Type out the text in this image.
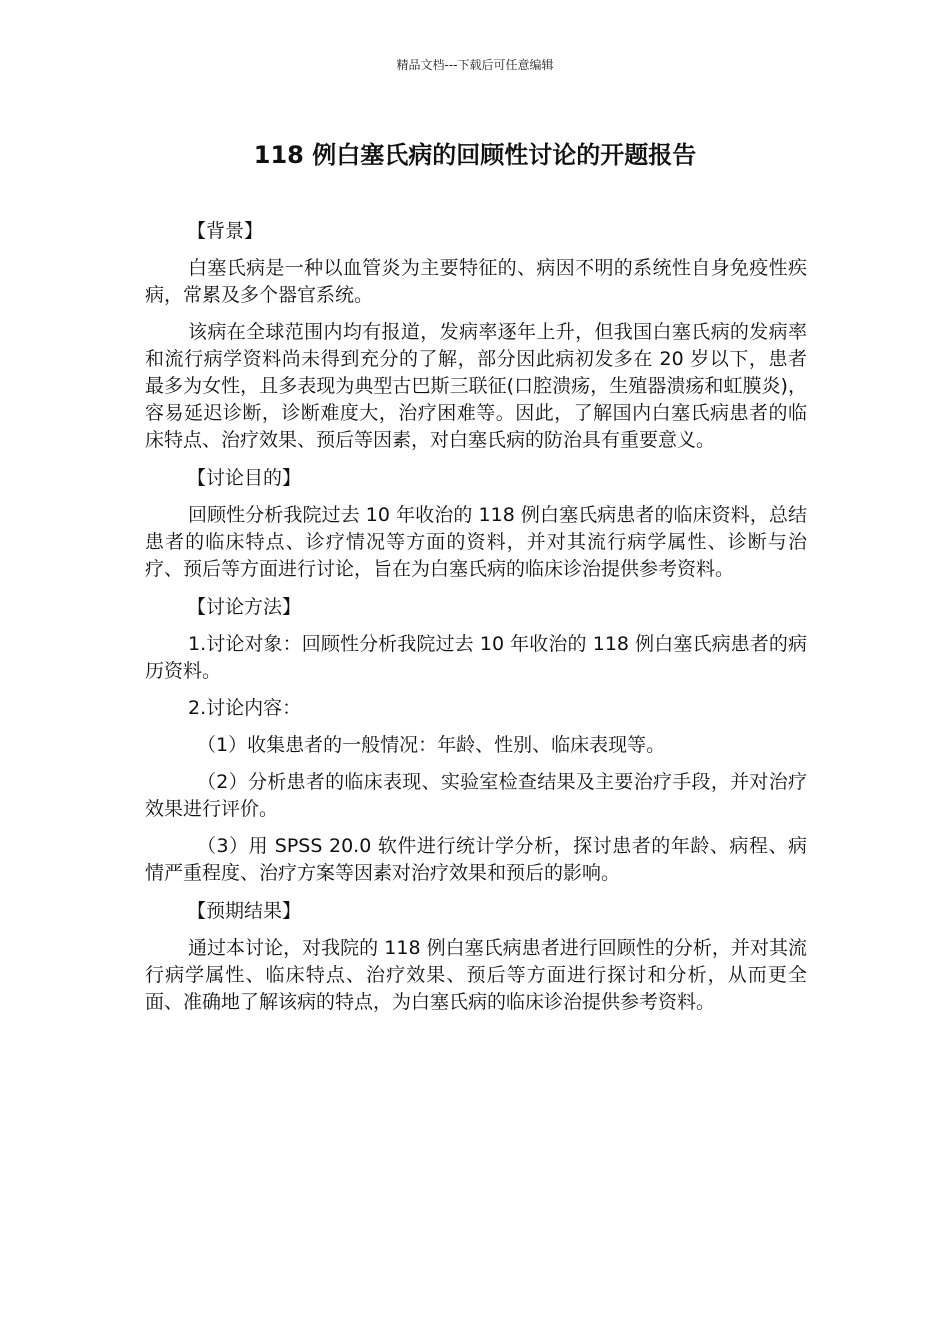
精品文档---下载后可任意编辑
118 例白塞氏病的回顾性讨论的开题报告
【背景】
白塞氏病是一种以血管炎为主要特征的、病因不明的系统性自身免疫性疾病，常累及多个器官系统。
该病在全球范围内均有报道，发病率逐年上升，但我国白塞氏病的发病率和流行病学资料尚未得到充分的了解，部分因此病初发多在 20 岁以下，患者最多为女性，且多表现为典型古巴斯三联征(口腔溃疡，生殖器溃疡和虹膜炎)，容易延迟诊断，诊断难度大，治疗困难等。因此，了解国内白塞氏病患者的临床特点、治疗效果、预后等因素，对白塞氏病的防治具有重要意义。
【讨论目的】
回顾性分析我院过去 10 年收治的 118 例白塞氏病患者的临床资料，总结患者的临床特点、诊疗情况等方面的资料，并对其流行病学属性、诊断与治疗、预后等方面进行讨论，旨在为白塞氏病的临床诊治提供参考资料。
【讨论方法】
1.讨论对象：回顾性分析我院过去 10 年收治的 118 例白塞氏病患者的病历资料。
2.讨论内容：
（1）收集患者的一般情况：年龄、性别、临床表现等。
（2）分析患者的临床表现、实验室检查结果及主要治疗手段，并对治疗效果进行评价。
（3）用 SPSS 20.0 软件进行统计学分析，探讨患者的年龄、病程、病情严重程度、治疗方案等因素对治疗效果和预后的影响。
【预期结果】
通过本讨论，对我院的 118 例白塞氏病患者进行回顾性的分析，并对其流行病学属性、临床特点、治疗效果、预后等方面进行探讨和分析，从而更全面、准确地了解该病的特点，为白塞氏病的临床诊治提供参考资料。
